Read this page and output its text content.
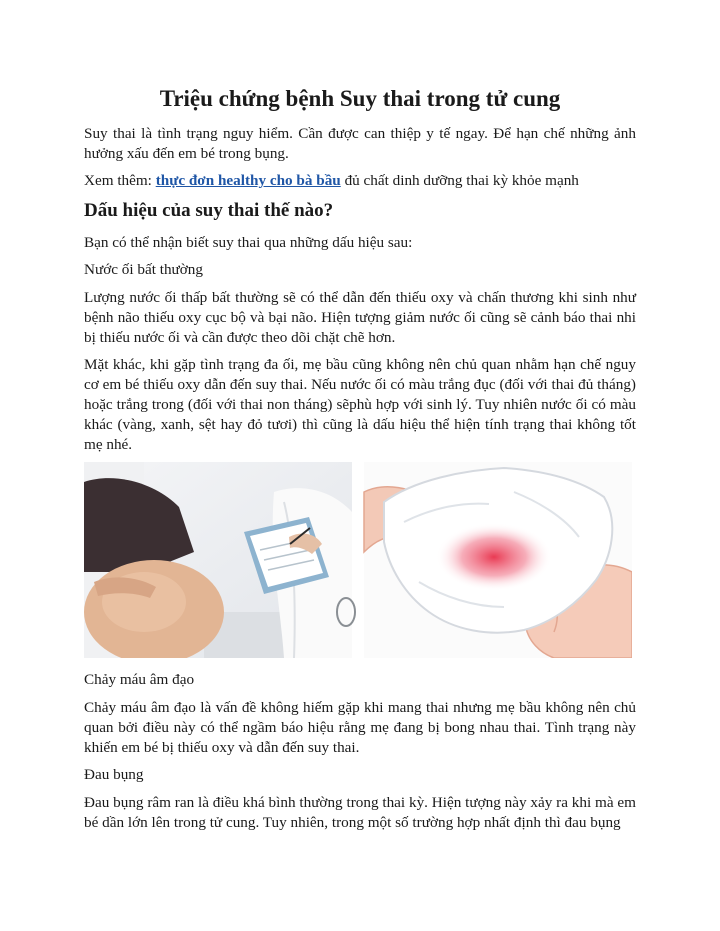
Triệu chứng bệnh Suy thai trong tử cung

Suy thai là tình trạng nguy hiểm. Cần được can thiệp y tế ngay. Để hạn chế những ảnh hưởng xấu đến em bé trong bụng.

Xem thêm: thực đơn healthy cho bà bầu đủ chất dinh dưỡng thai kỳ khỏe mạnh

Dấu hiệu của suy thai thế nào?

Bạn có thể nhận biết suy thai qua những dấu hiệu sau:

Nước ối bất thường

Lượng nước ối thấp bất thường sẽ có thể dẫn đến thiếu oxy và chấn thương khi sinh như bệnh não thiếu oxy cục bộ và bại não. Hiện tượng giảm nước ối cũng sẽ cảnh báo thai nhi bị thiếu nước ối và cần được theo dõi chặt chẽ hơn.

Mặt khác, khi gặp tình trạng đa ối, mẹ bầu cũng không nên chủ quan nhằm hạn chế nguy cơ em bé thiếu oxy dẫn đến suy thai. Nếu nước ối có màu trắng đục (đối với thai đủ tháng) hoặc trắng trong (đối với thai non tháng) sẽphù hợp với sinh lý. Tuy nhiên nước ối có màu khác (vàng, xanh, sệt hay đỏ tươi) thì cũng là dấu hiệu thể hiện tính trạng thai không tốt mẹ nhé.

Chảy máu âm đạo

Chảy máu âm đạo là vấn đề không hiếm gặp khi mang thai nhưng mẹ bầu không nên chủ quan bởi điều này có thể ngầm báo hiệu rằng mẹ đang bị bong nhau thai. Tình trạng này khiến em bé bị thiếu oxy và dẫn đến suy thai.

Đau bụng

Đau bụng râm ran là điều khá bình thường trong thai kỳ. Hiện tượng này xảy ra khi mà em bé dần lớn lên trong tử cung. Tuy nhiên, trong một số trường hợp nhất định thì đau bụng
